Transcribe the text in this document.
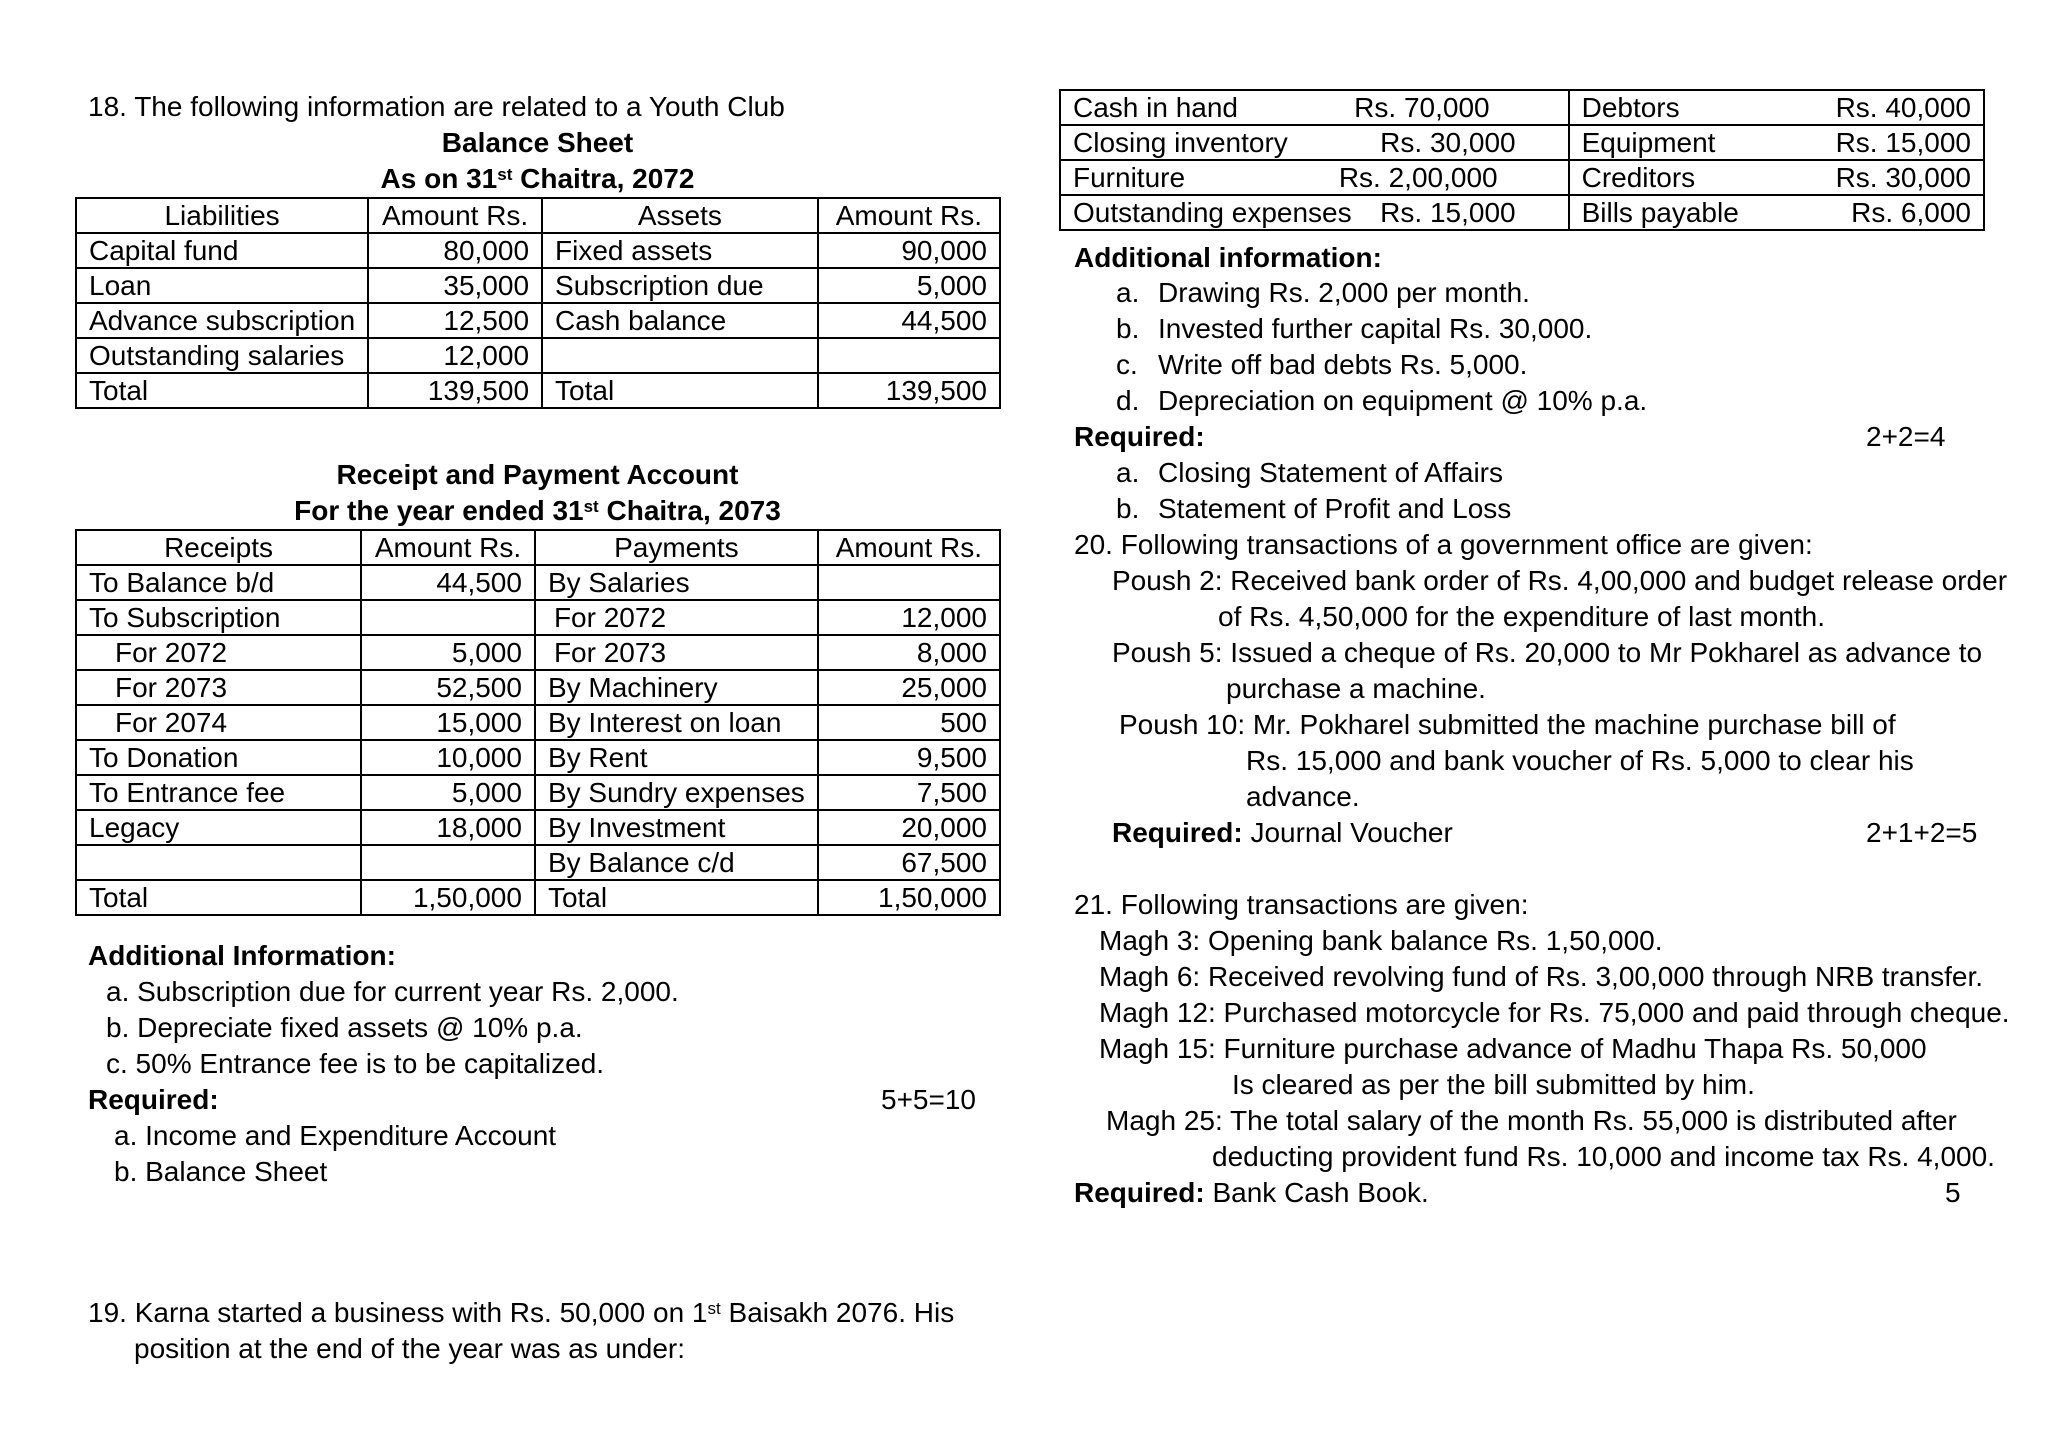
18. The following information are related to a Youth Club
Balance Sheet
As on 31st Chaitra, 2072
Liabilities	Amount Rs.	Assets	Amount Rs.
Capital fund	80,000	Fixed assets	90,000
Loan	35,000	Subscription due	5,000
Advance subscription	12,500	Cash balance	44,500
Outstanding salaries	12,000		
Total	139,500	Total	139,500
Receipt and Payment Account
For the year ended 31st Chaitra, 2073
Receipts	Amount Rs.	Payments	Amount Rs.
To Balance b/d	44,500	By Salaries	
To Subscription		For 2072	12,000
For 2072	5,000	For 2073	8,000
For 2073	52,500	By Machinery	25,000
For 2074	15,000	By Interest on loan	500
To Donation	10,000	By Rent	9,500
To Entrance fee	5,000	By Sundry expenses	7,500
Legacy	18,000	By Investment	20,000
		By Balance c/d	67,500
Total	1,50,000	Total	1,50,000
Additional Information:
a. Subscription due for current year Rs. 2,000.
b. Depreciate fixed assets @ 10% p.a.
c. 50% Entrance fee is to be capitalized.
Required:	5+5=10
a. Income and Expenditure Account
b. Balance Sheet
19. Karna started a business with Rs. 50,000 on 1st Baisakh 2076. His
position at the end of the year was as under:
Cash in hand Rs. 70,000	Debtors Rs. 40,000

Closing inventory Rs. 30,000	Equipment Rs. 15,000

Furniture Rs. 2,00,000	Creditors Rs. 30,000

Outstanding expenses Rs. 15,000	Bills payable Rs. 6,000
Additional information:
a. Drawing Rs. 2,000 per month.
b. Invested further capital Rs. 30,000.
c. Write off bad debts Rs. 5,000.
d. Depreciation on equipment @ 10% p.a.
Required:	2+2=4
a. Closing Statement of Affairs
b. Statement of Profit and Loss
20. Following transactions of a government office are given:
Poush 2: Received bank order of Rs. 4,00,000 and budget release order
of Rs. 4,50,000 for the expenditure of last month.
Poush 5: Issued a cheque of Rs. 20,000 to Mr Pokharel as advance to
purchase a machine.
Poush 10: Mr. Pokharel submitted the machine purchase bill of
Rs. 15,000 and bank voucher of Rs. 5,000 to clear his
advance.
Required: Journal Voucher	2+1+2=5
21. Following transactions are given:
Magh 3: Opening bank balance Rs. 1,50,000.
Magh 6: Received revolving fund of Rs. 3,00,000 through NRB transfer.
Magh 12: Purchased motorcycle for Rs. 75,000 and paid through cheque.
Magh 15: Furniture purchase advance of Madhu Thapa Rs. 50,000
Is cleared as per the bill submitted by him.
Magh 25: The total salary of the month Rs. 55,000 is distributed after
deducting provident fund Rs. 10,000 and income tax Rs. 4,000.
Required: Bank Cash Book.	5
